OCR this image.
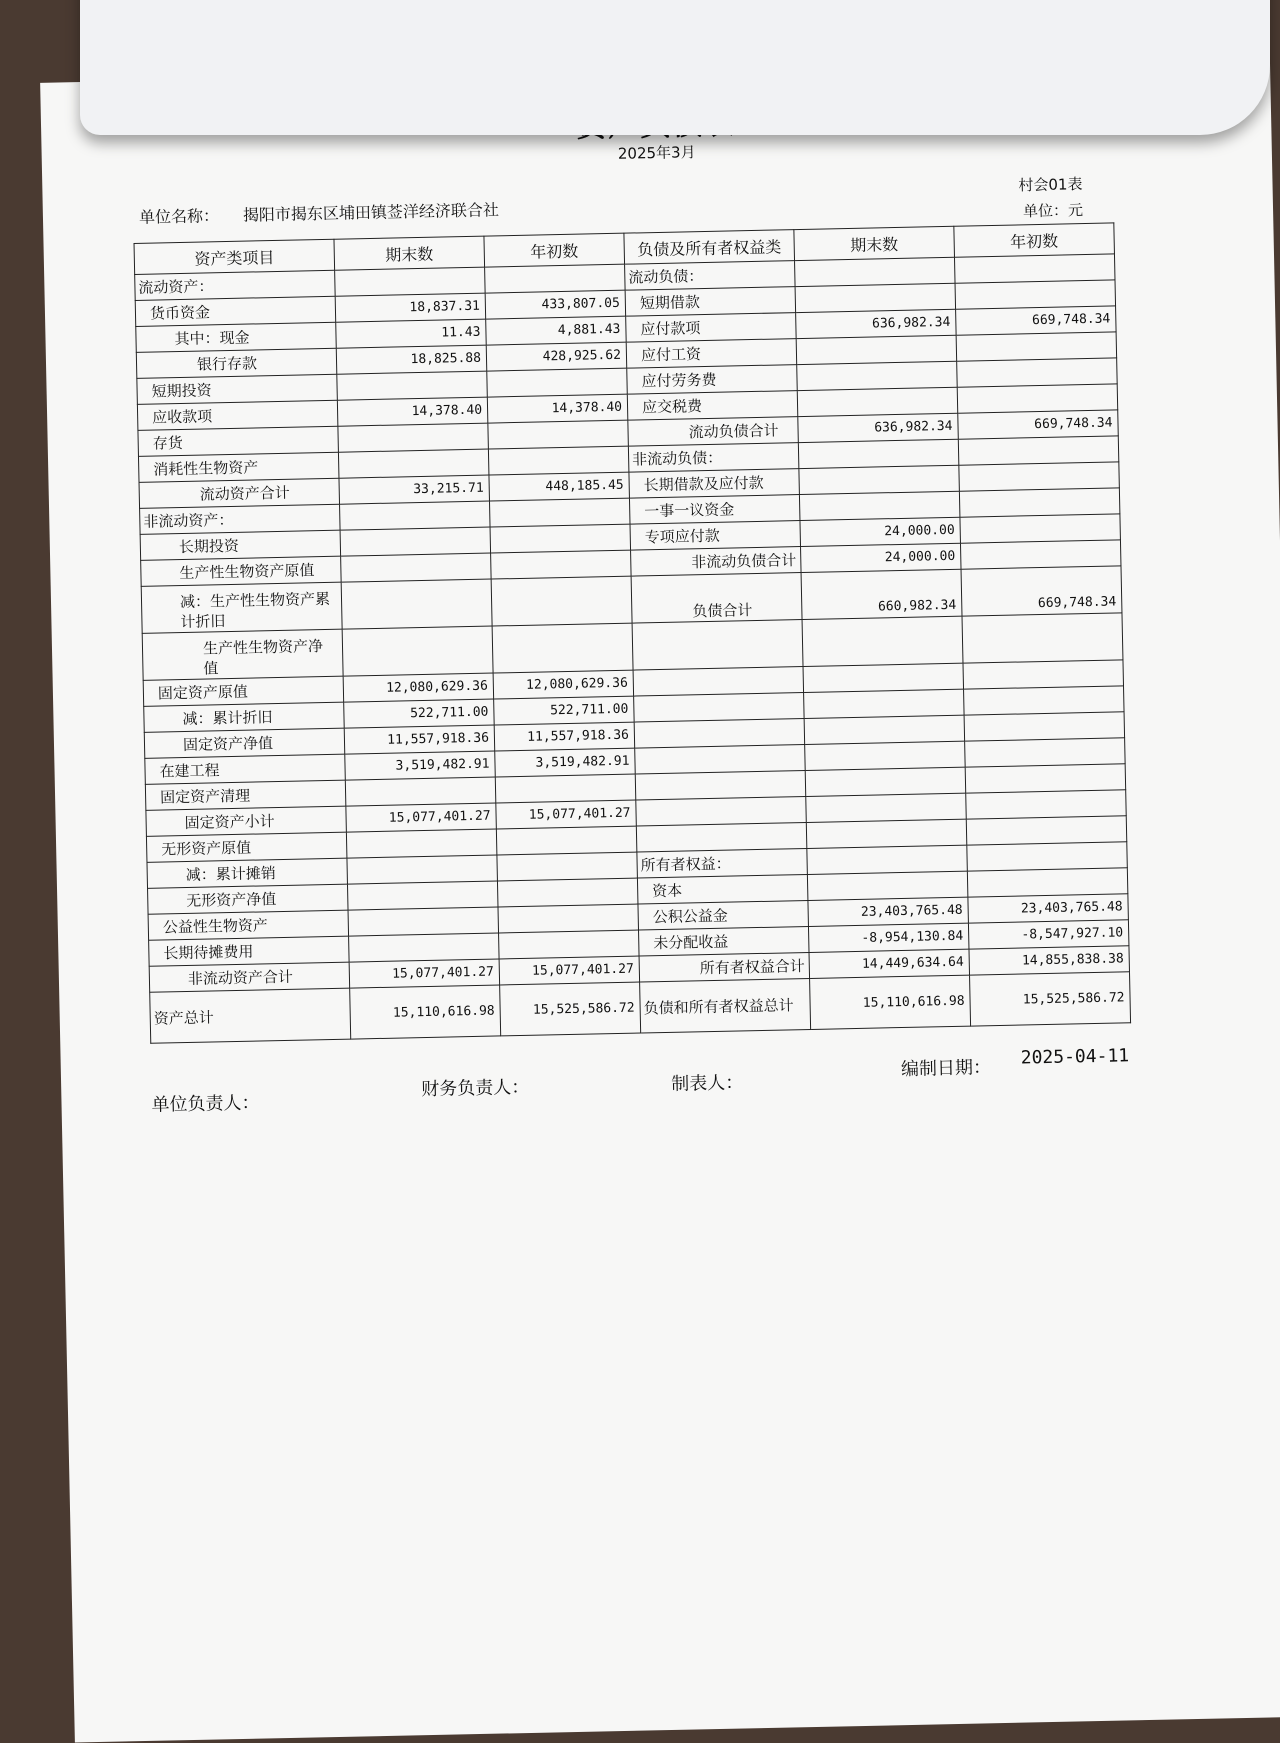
2025年3月
村会01表
单位名称： 揭阳市揭东区埔田镇莶洋经济联合社	单位：元
资产类项目	期末数	年初数	负债及所有者权益类	期末数	年初数
流动资产：			流动负债：		
货币资金	18,837.31	433,807.05	短期借款		
其中：现金	11.43	4,881.43	应付款项	636,982.34	669,748.34
银行存款	18,825.88	428,925.62	应付工资		
短期投资			应付劳务费		
应收款项	14,378.40	14,378.40	应交税费		
存货			流动负债合计	636,982.34	669,748.34
消耗性生物资产			非流动负债：		
流动资产合计	33,215.71	448,185.45	长期借款及应付款		
非流动资产：			一事一议资金		
长期投资			专项应付款	24,000.00	
生产性生物资产原值			非流动负债合计	24,000.00	
减：生产性生物资产累计折旧			负债合计	660,982.34	669,748.34
生产性生物资产净值					
固定资产原值	12,080,629.36	12,080,629.36			
减：累计折旧	522,711.00	522,711.00			
固定资产净值	11,557,918.36	11,557,918.36			
在建工程	3,519,482.91	3,519,482.91			
固定资产清理					
固定资产小计	15,077,401.27	15,077,401.27			
无形资产原值					
减：累计摊销			所有者权益：		
无形资产净值			资本		
公益性生物资产			公积公益金	23,403,765.48	23,403,765.48
长期待摊费用			未分配收益	-8,954,130.84	-8,547,927.10
非流动资产合计	15,077,401.27	15,077,401.27	所有者权益合计	14,449,634.64	14,855,838.38
资产总计	15,110,616.98	15,525,586.72	负债和所有者权益总计	15,110,616.98	15,525,586.72
单位负责人：
财务负责人：	制表人：
编制日期：
2025-04-11
